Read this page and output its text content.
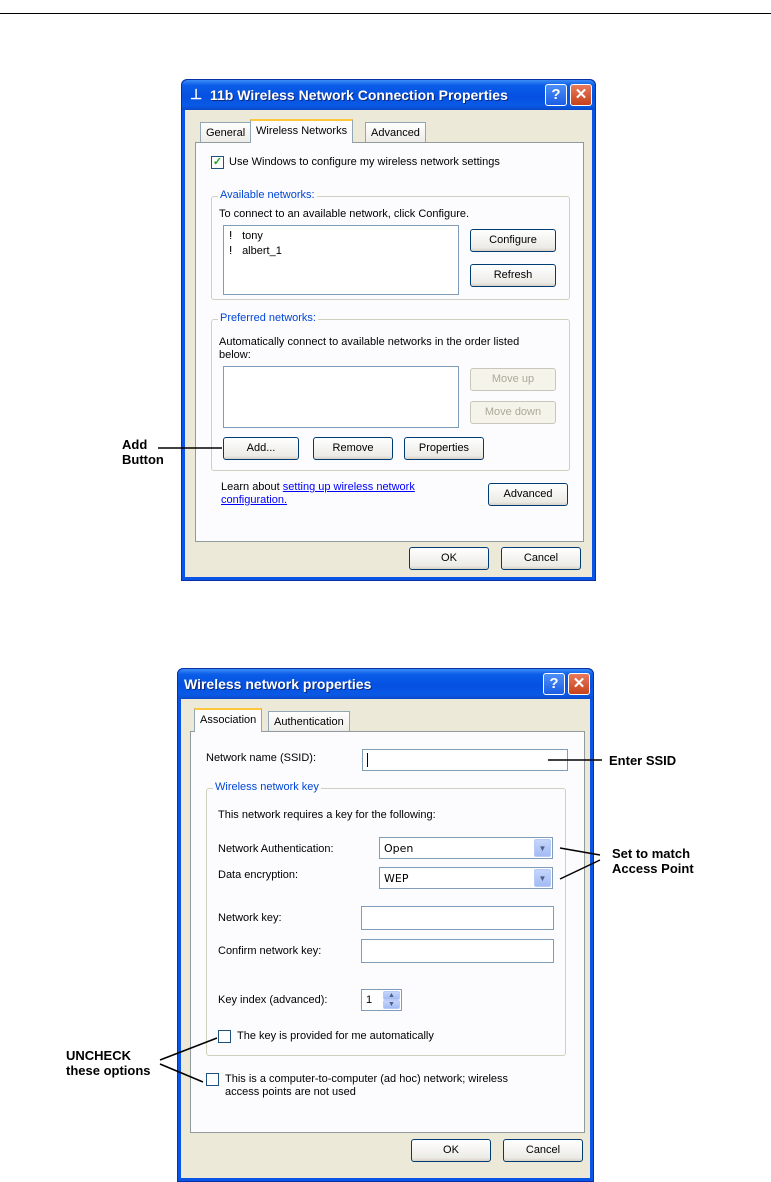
⊥ 11b Wireless Network Connection Properties	? ✕
General Wireless Networks	Advanced
✓ Use Windows to configure my wireless network settings
Available networks:
To connect to an available network, click Configure.
ⵑ tony
ⵑ albert_1
Configure
Refresh
Preferred networks:
Automatically connect to available networks in the order listed
below:
Move up
Move down
Add...	Remove	Properties
Learn about setting up wireless network
configuration.	Advanced
OK	Cancel
Wireless network properties	? ✕
Association	Authentication
Network name (SSID):
Wireless network key
This network requires a key for the following:
Network Authentication:	Open	▼
Data encryption:	WEP	▼
Network key:
Confirm network key:
Key index (advanced):	1	▲
▼
The key is provided for me automatically
This is a computer-to-computer (ad hoc) network; wireless
access points are not used
OK	Cancel
Add
Button
Enter SSID
Set to match
Access Point
UNCHECK
these options
